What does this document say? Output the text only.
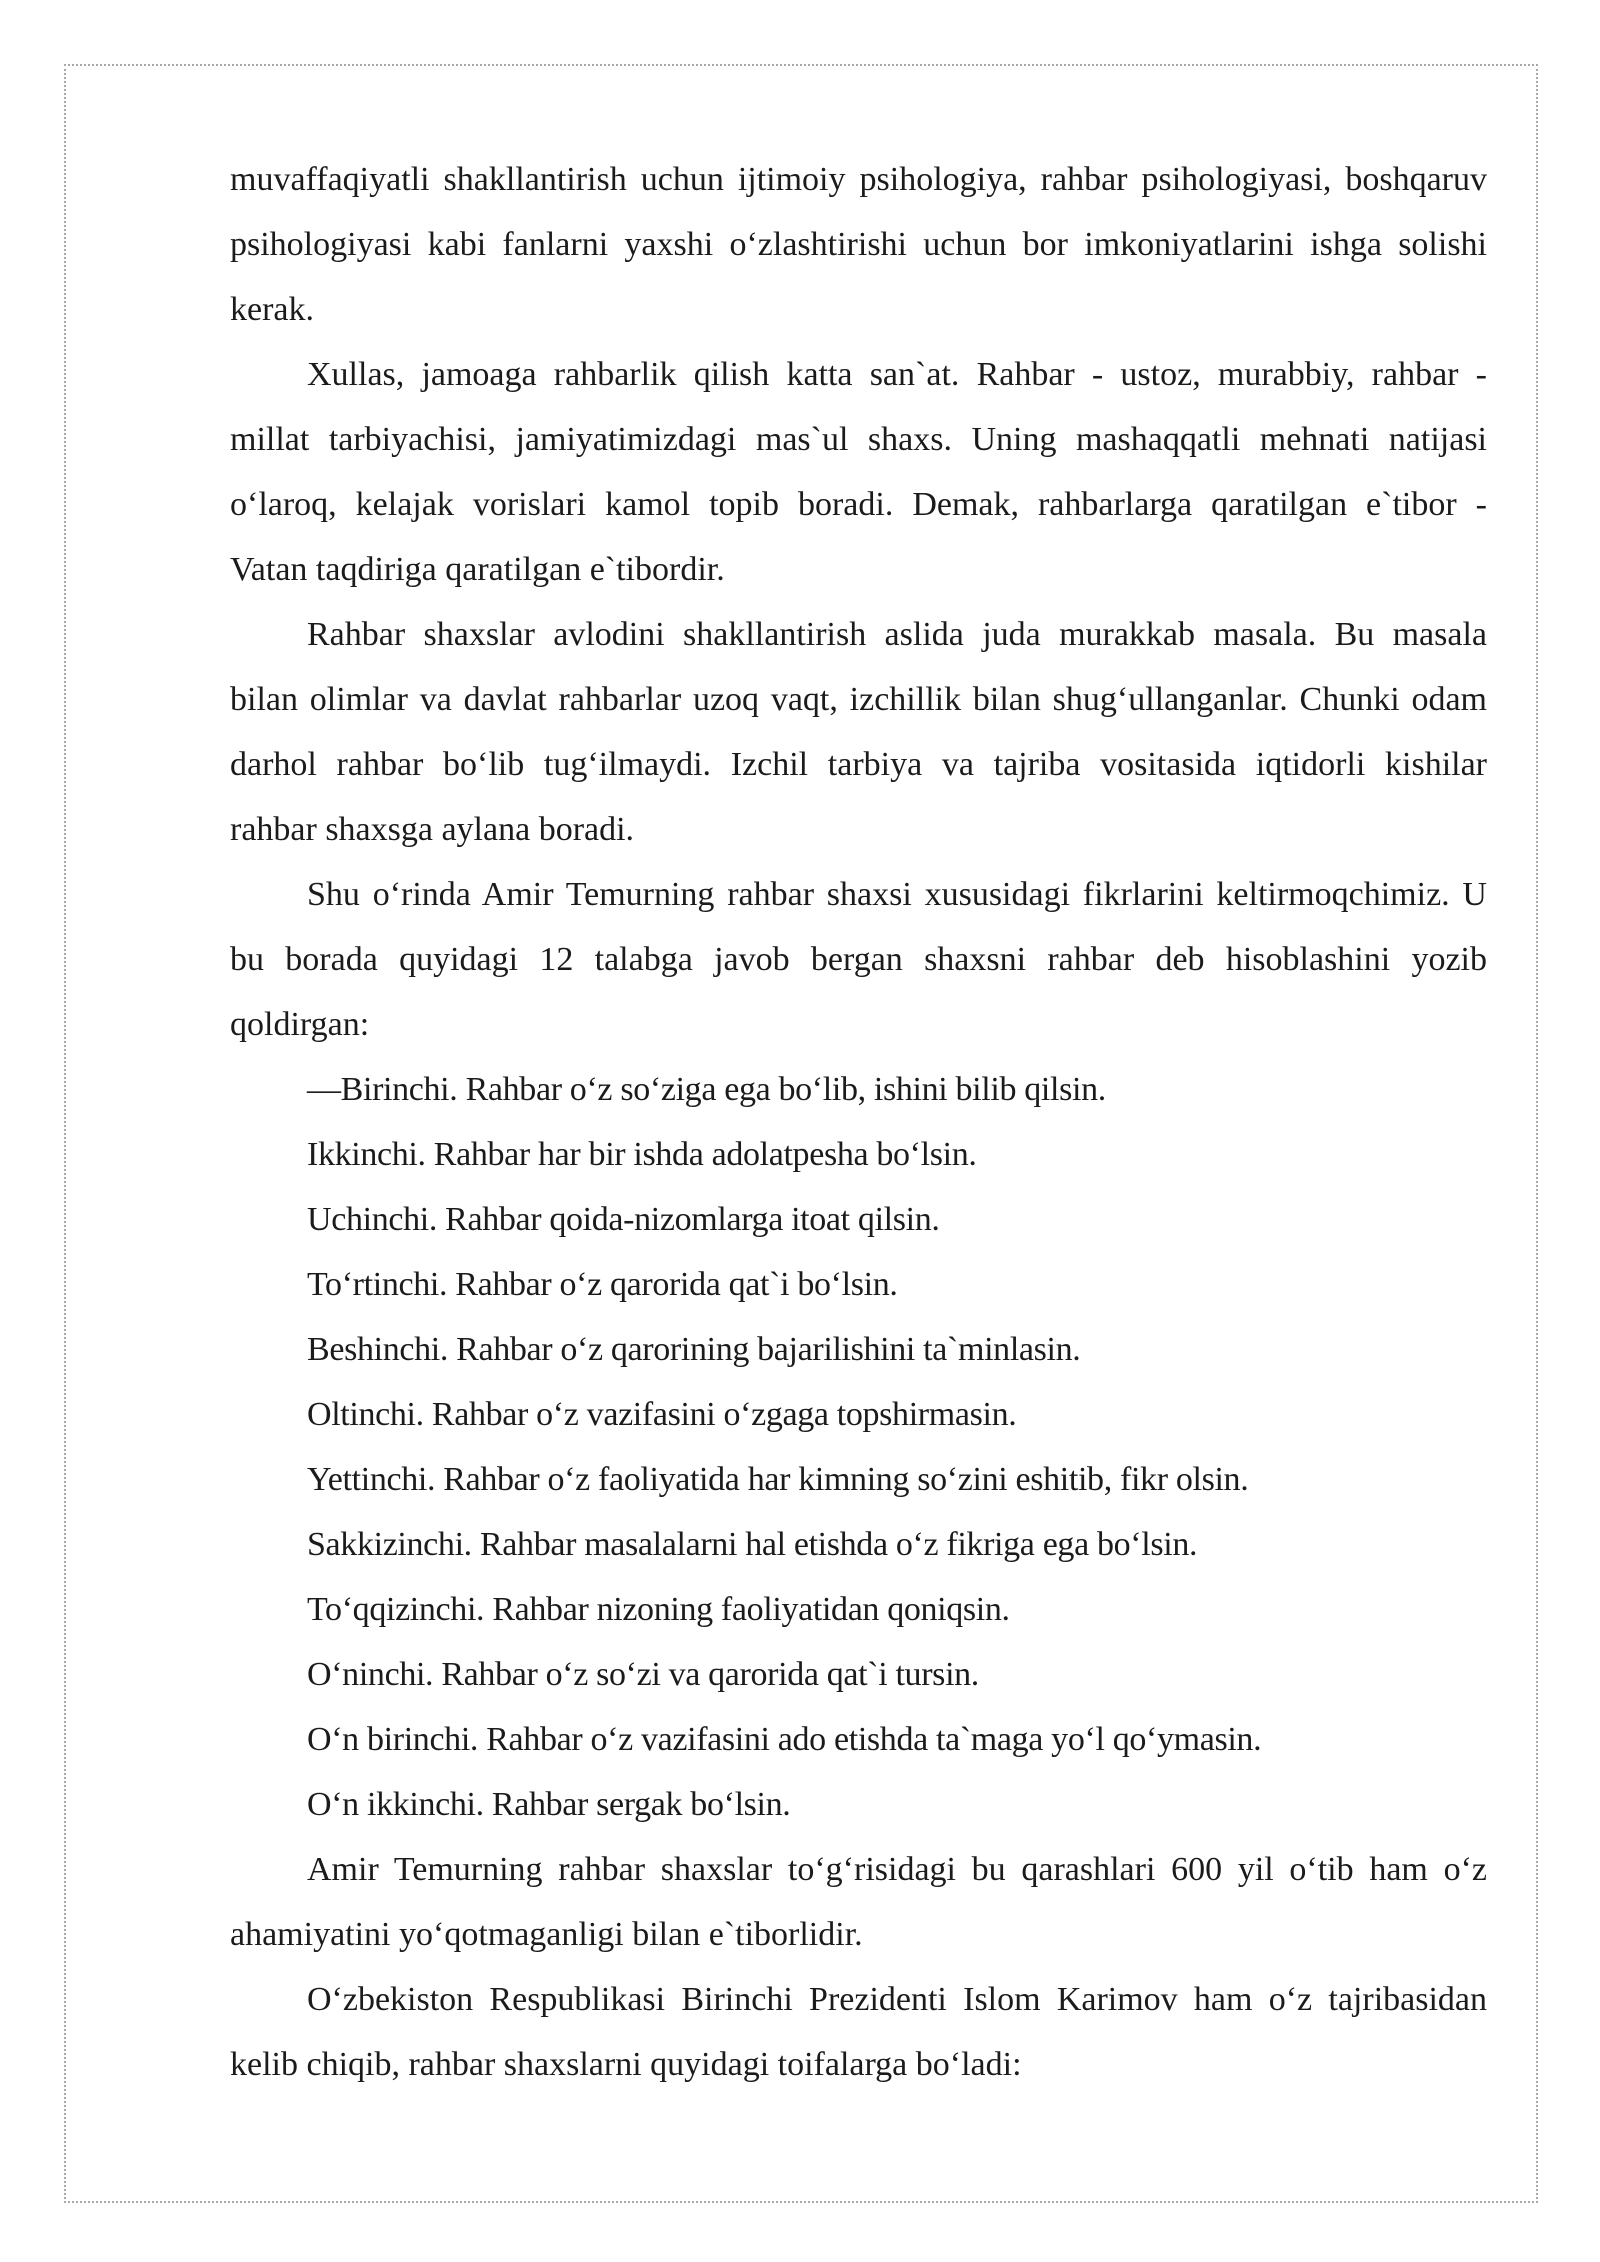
muvaffaqiyatli shakllantirish uchun ijtimoiy psihologiya, rahbar psihologiyasi, boshqaruv
psihologiyasi kabi fanlarni yaxshi o‘zlashtirishi uchun bor imkoniyatlarini ishga solishi
kerak.
Xullas, jamoaga rahbarlik qilish katta san`at. Rahbar - ustoz, murabbiy, rahbar -
millat tarbiyachisi, jamiyatimizdagi mas`ul shaxs. Uning mashaqqatli mehnati natijasi
o‘laroq, kelajak vorislari kamol topib boradi. Demak, rahbarlarga qaratilgan e`tibor -
Vatan taqdiriga qaratilgan e`tibordir.
Rahbar shaxslar avlodini shakllantirish aslida juda murakkab masala. Bu masala
bilan olimlar va davlat rahbarlar uzoq vaqt, izchillik bilan shug‘ullanganlar. Chunki odam
darhol rahbar bo‘lib tug‘ilmaydi. Izchil tarbiya va tajriba vositasida iqtidorli kishilar
rahbar shaxsga aylana boradi.
Shu o‘rinda Amir Temurning rahbar shaxsi xususidagi fikrlarini keltirmoqchimiz. U
bu borada quyidagi 12 talabga javob bergan shaxsni rahbar deb hisoblashini yozib
qoldirgan:
—Birinchi. Rahbar o‘z so‘ziga ega bo‘lib, ishini bilib qilsin.
Ikkinchi. Rahbar har bir ishda adolatpesha bo‘lsin.
Uchinchi. Rahbar qoida-nizomlarga itoat qilsin.
To‘rtinchi. Rahbar o‘z qarorida qat`i bo‘lsin.
Beshinchi. Rahbar o‘z qarorining bajarilishini ta`minlasin.
Oltinchi. Rahbar o‘z vazifasini o‘zgaga topshirmasin.
Yettinchi. Rahbar o‘z faoliyatida har kimning so‘zini eshitib, fikr olsin.
Sakkizinchi. Rahbar masalalarni hal etishda o‘z fikriga ega bo‘lsin.
To‘qqizinchi. Rahbar nizoning faoliyatidan qoniqsin.
O‘ninchi. Rahbar o‘z so‘zi va qarorida qat`i tursin.
O‘n birinchi. Rahbar o‘z vazifasini ado etishda ta`maga yo‘l qo‘ymasin.
O‘n ikkinchi. Rahbar sergak bo‘lsin.
Amir Temurning rahbar shaxslar to‘g‘risidagi bu qarashlari 600 yil o‘tib ham o‘z
ahamiyatini yo‘qotmaganligi bilan e`tiborlidir.
O‘zbekiston Respublikasi Birinchi Prezidenti Islom Karimov ham o‘z tajribasidan
kelib chiqib, rahbar shaxslarni quyidagi toifalarga bo‘ladi:
